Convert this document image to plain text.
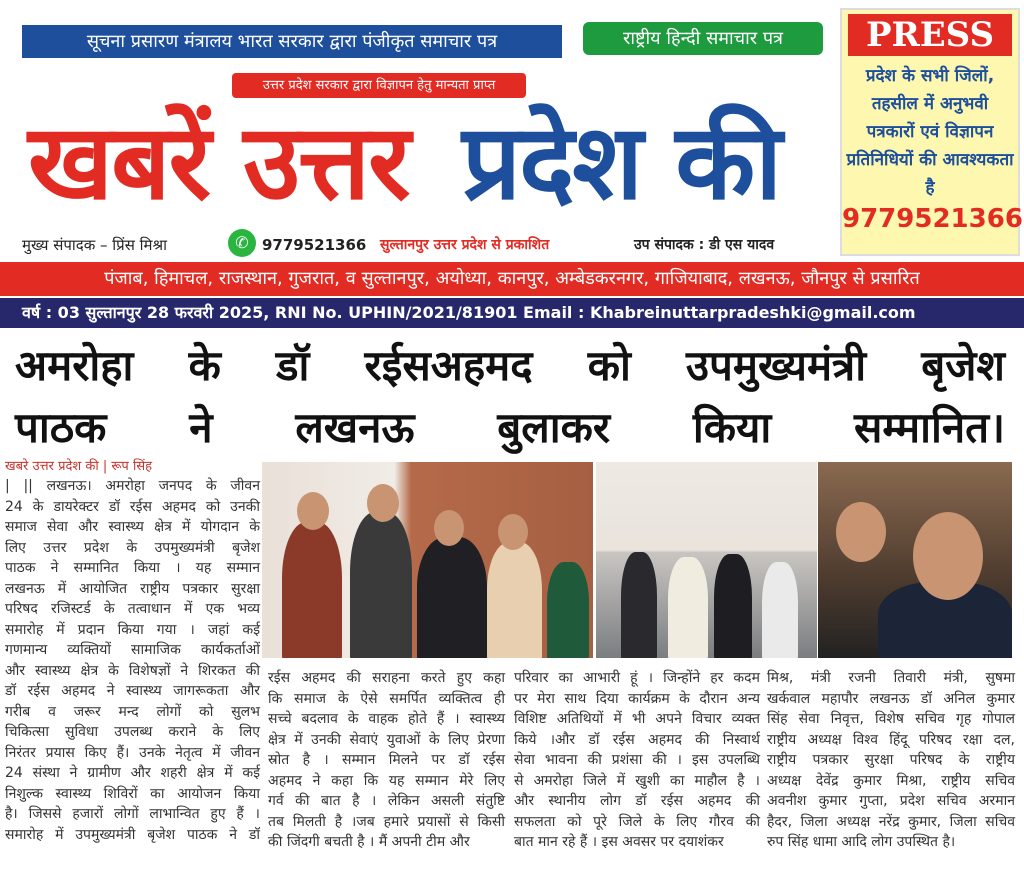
सूचना प्रसारण मंत्रालय भारत सरकार द्वारा पंजीकृत समाचार पत्र	राष्ट्रीय हिन्दी समाचार पत्र
उत्तर प्रदेश सरकार द्वारा विज्ञापन हेतु मान्यता प्राप्त
खबरें उत्तर प्रदेश की
PRESS
प्रदेश के सभी जिलों, तहसील में अनुभवी पत्रकारों एवं विज्ञापन प्रतिनिधियों की आवश्यकता है
9779521366
मुख्य संपादक – प्रिंस मिश्रा	✆ 9779521366 सुल्तानपुर उत्तर प्रदेश से प्रकाशित	उप संपादक : डी एस यादव
पंजाब, हिमाचल, राजस्थान, गुजरात, व सुल्तानपुर, अयोध्या, कानपुर, अम्बेडकरनगर, गाजियाबाद, लखनऊ, जौनपुर से प्रसारित
वर्ष : 03 सुल्तानपुर 28 फरवरी 2025, RNI No. UPHIN/2021/81901 Email : Khabreinuttarpradeshki@gmail.com
अमरोहा के डॉ रईसअहमद को उपमुख्यमंत्री बृजेश
पाठक ने लखनऊ बुलाकर किया सम्मानित।
खबरे उत्तर प्रदेश की | रूप सिंह
| || लखनऊ। अमरोहा जनपद के जीवन
24 के डायरेक्टर डॉ रईस अहमद को उनकी
समाज सेवा और स्वास्थ्य क्षेत्र में योगदान के
लिए उत्तर प्रदेश के उपमुख्यमंत्री बृजेश
पाठक ने सम्मानित किया । यह सम्मान
लखनऊ में आयोजित राष्ट्रीय पत्रकार सुरक्षा
परिषद रजिस्टर्ड के तत्वाधान में एक भव्य
समारोह में प्रदान किया गया । जहां कई
गणमान्य व्यक्तियों सामाजिक कार्यकर्ताओं
और स्वास्थ्य क्षेत्र के विशेषज्ञों ने शिरकत की
डॉ रईस अहमद ने स्वास्थ्य जागरूकता और
गरीब व जरूर मन्द लोगों को सुलभ
चिकित्सा सुविधा उपलब्ध कराने के लिए
निरंतर प्रयास किए हैं। उनके नेतृत्व में जीवन
24 संस्था ने ग्रामीण और शहरी क्षेत्र में कई
निशुल्क स्वास्थ्य शिविरों का आयोजन किया
है। जिससे हजारों लोगों लाभान्वित हुए हैं ।
समारोह में उपमुख्यमंत्री बृजेश पाठक ने डॉ
रईस अहमद की सराहना करते हुए कहा
कि समाज के ऐसे समर्पित व्यक्तित्व ही
सच्चे बदलाव के वाहक होते हैं । स्वास्थ्य
क्षेत्र में उनकी सेवाएं युवाओं के लिए प्रेरणा
स्रोत है । सम्मान मिलने पर डॉ रईस
अहमद ने कहा कि यह सम्मान मेरे लिए
गर्व की बात है । लेकिन असली संतुष्टि
तब मिलती है ।जब हमारे प्रयासों से किसी
की जिंदगी बचती है । मैं अपनी टीम और
परिवार का आभारी हूं । जिन्होंने हर कदम
पर मेरा साथ दिया कार्यक्रम के दौरान अन्य
विशिष्ट अतिथियों में भी अपने विचार व्यक्त
किये ।और डॉ रईस अहमद की निस्वार्थ
सेवा भावना की प्रशंसा की । इस उपलब्धि
से अमरोहा जिले में खुशी का माहौल है ।
और स्थानीय लोग डॉ रईस अहमद की
सफलता को पूरे जिले के लिए गौरव की
बात मान रहे हैं । इस अवसर पर दयाशंकर
मिश्र, मंत्री रजनी तिवारी मंत्री, सुषमा
खर्कवाल महापौर लखनऊ डॉ अनिल कुमार
सिंह सेवा निवृत्त, विशेष सचिव गृह गोपाल
राष्ट्रीय अध्यक्ष विश्व हिंदू परिषद रक्षा दल,
राष्ट्रीय पत्रकार सुरक्षा परिषद के राष्ट्रीय
अध्यक्ष देवेंद्र कुमार मिश्रा, राष्ट्रीय सचिव
अवनीश कुमार गुप्ता, प्रदेश सचिव अरमान
हैदर, जिला अध्यक्ष नरेंद्र कुमार, जिला सचिव
रुप सिंह धामा आदि लोग उपस्थित है।
